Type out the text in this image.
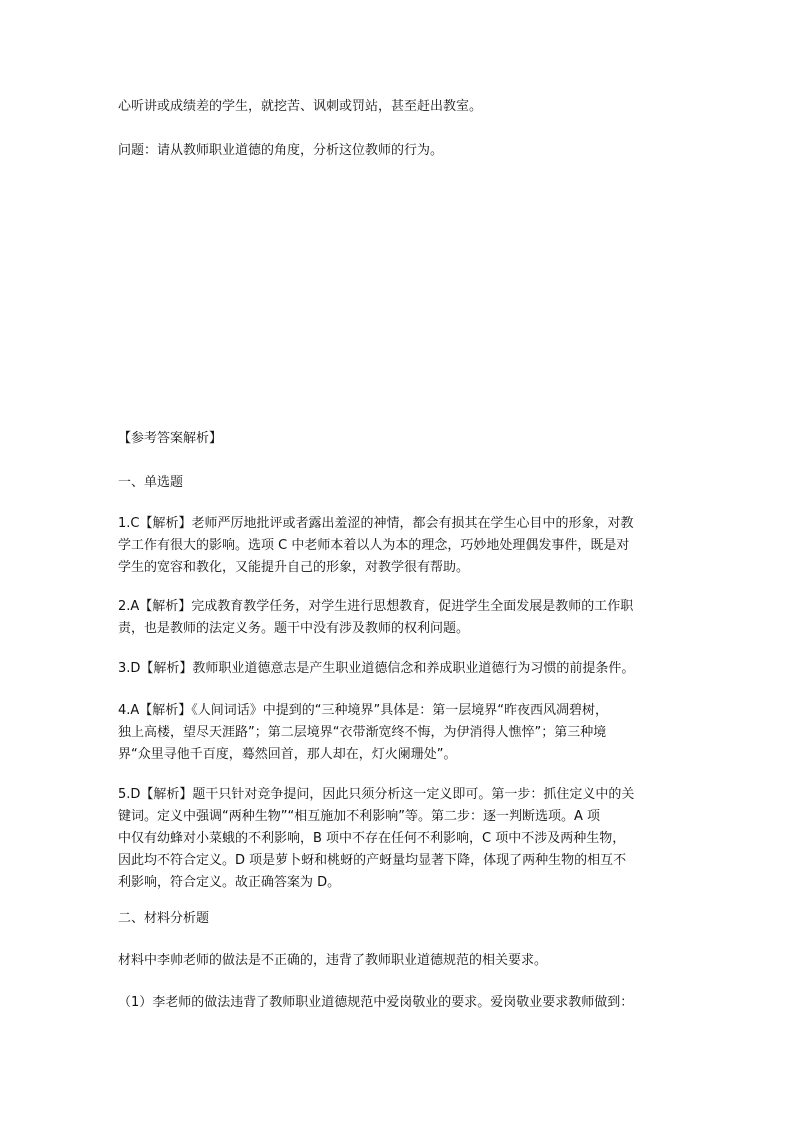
心听讲或成绩差的学生，就挖苦、讽刺或罚站，甚至赶出教室。

问题：请从教师职业道德的角度，分析这位教师的行为。

【参考答案解析】

一、单选题

1.C【解析】老师严厉地批评或者露出羞涩的神情，都会有损其在学生心目中的形象，对教
学工作有很大的影响。选项 C 中老师本着以人为本的理念，巧妙地处理偶发事件，既是对
学生的宽容和教化，又能提升自己的形象，对教学很有帮助。

2.A【解析】完成教育教学任务，对学生进行思想教育，促进学生全面发展是教师的工作职
责，也是教师的法定义务。题干中没有涉及教师的权利问题。

3.D【解析】教师职业道德意志是产生职业道德信念和养成职业道德行为习惯的前提条件。

4.A【解析】《人间词话》中提到的“三种境界”具体是：第一层境界“昨夜西风凋碧树，
独上高楼，望尽天涯路”；第二层境界“衣带渐宽终不悔，为伊消得人憔悴”；第三种境
界“众里寻他千百度，蓦然回首，那人却在，灯火阑珊处”。

5.D【解析】题干只针对竞争提问，因此只须分析这一定义即可。第一步：抓住定义中的关
键词。定义中强调“两种生物”“相互施加不利影响”等。第二步：逐一判断选项。A 项
中仅有幼蜂对小菜蛾的不利影响，B 项中不存在任何不利影响，C 项中不涉及两种生物，
因此均不符合定义。D 项是萝卜蚜和桃蚜的产蚜量均显著下降，体现了两种生物的相互不
利影响，符合定义。故正确答案为 D。

二、材料分析题

材料中李帅老师的做法是不正确的，违背了教师职业道德规范的相关要求。

（1）李老师的做法违背了教师职业道德规范中爱岗敬业的要求。爱岗敬业要求教师做到：
